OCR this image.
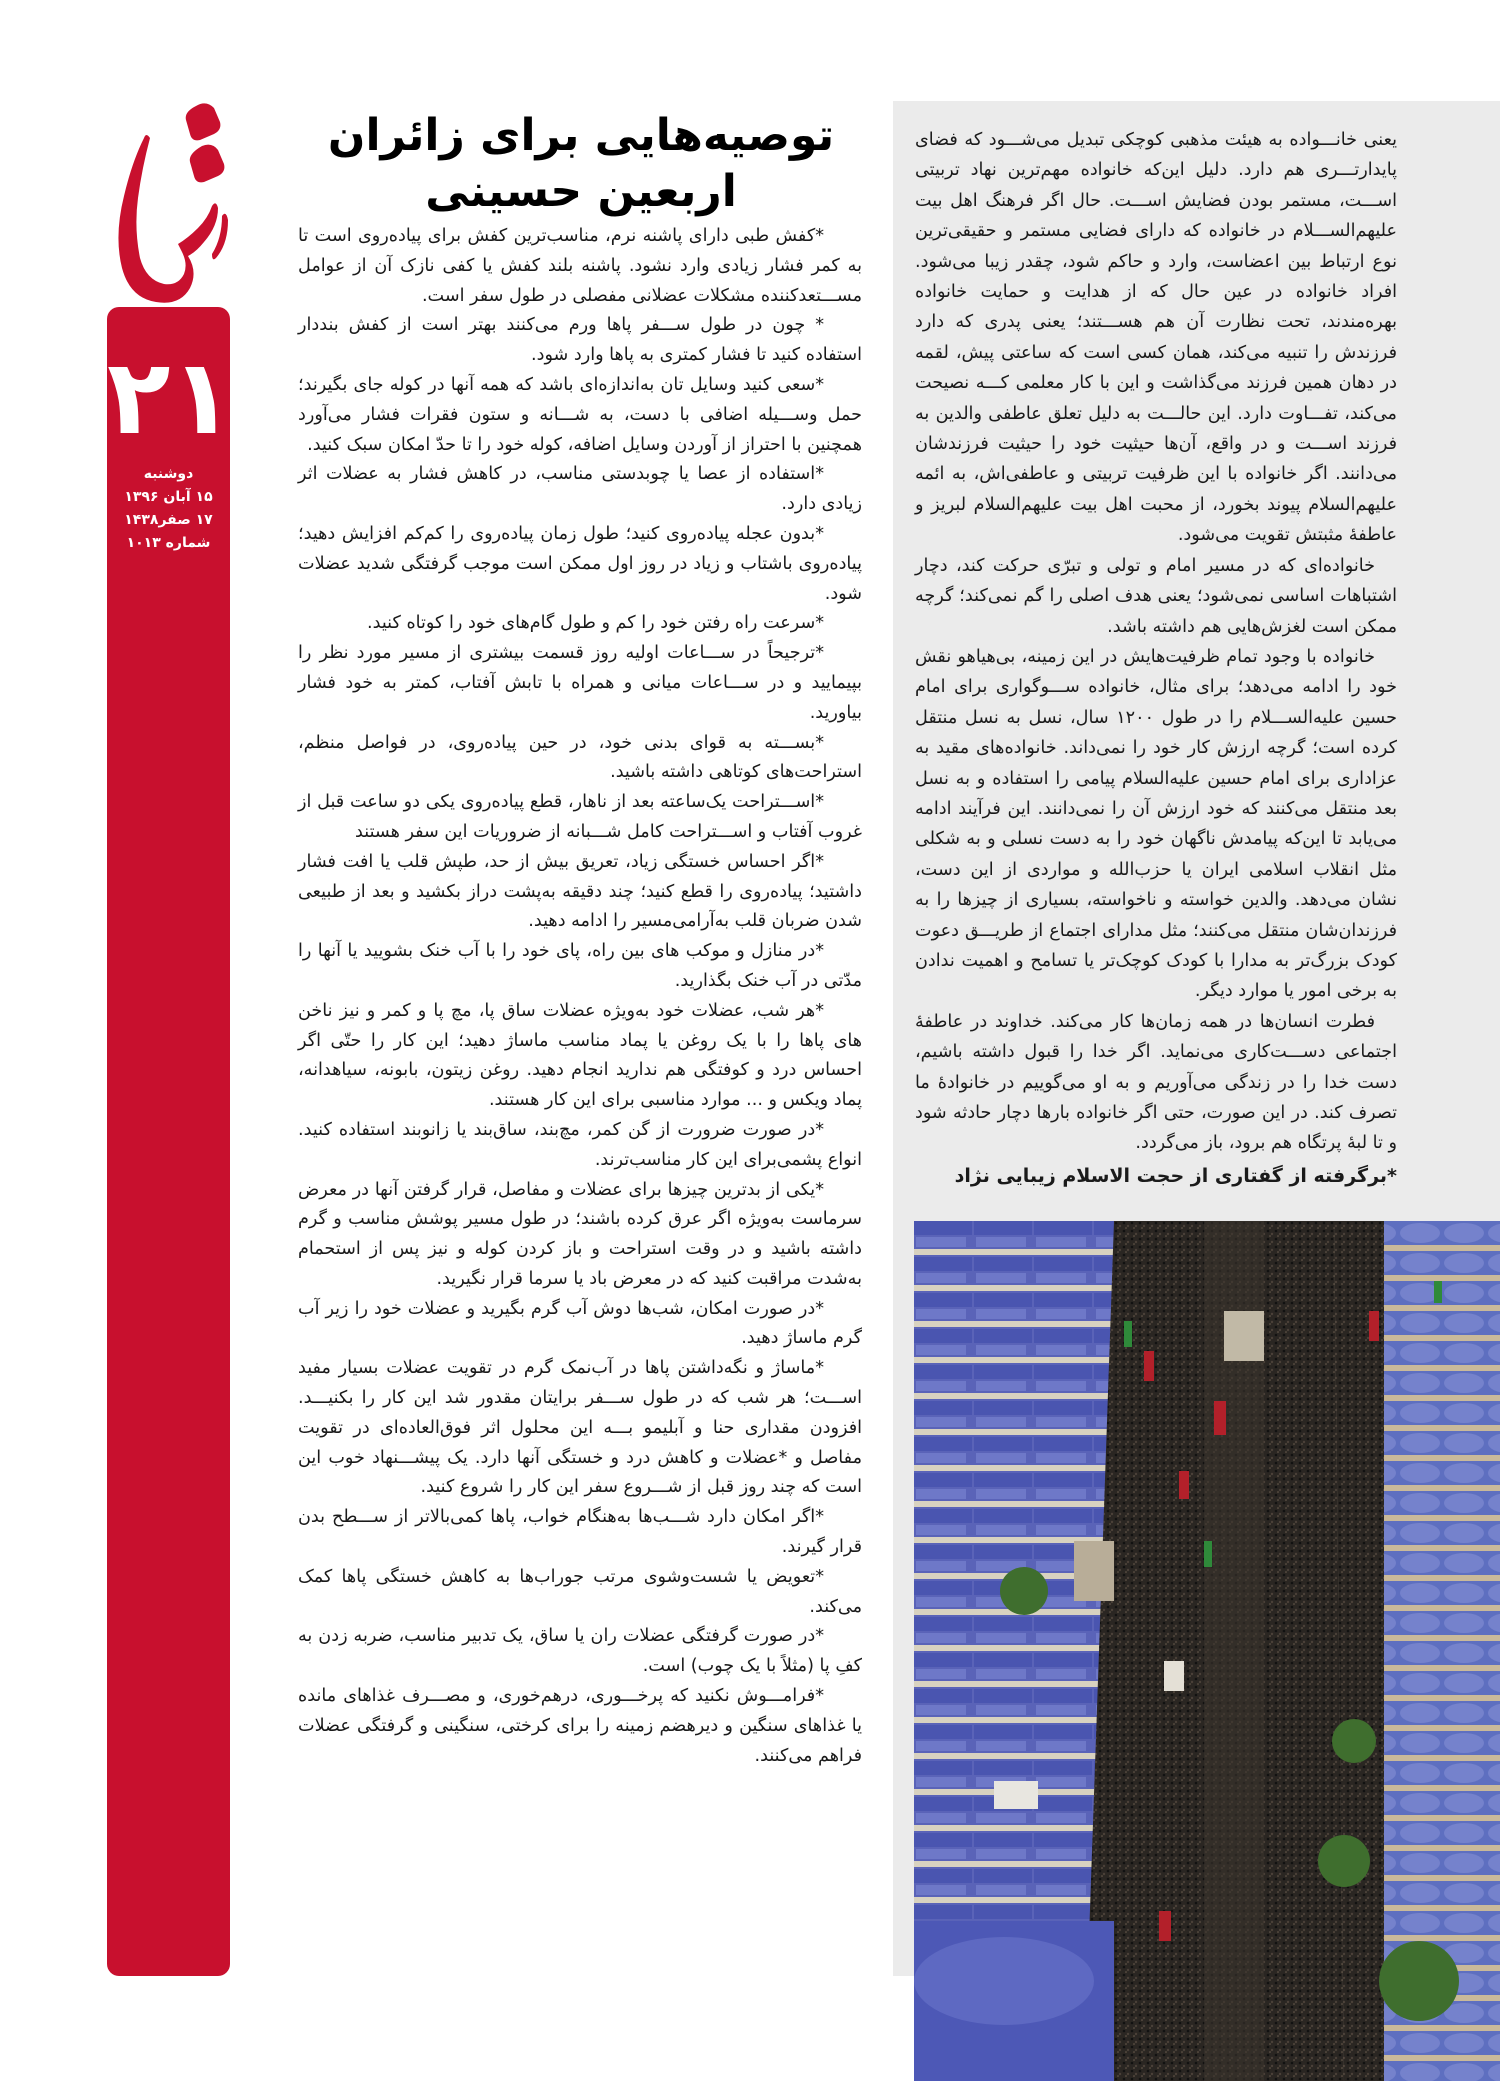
۲۱
دوشنبه
۱۵ آبان ۱۳۹۶
۱۷ صفر۱۴۳۸
شماره ۱۰۱۳
توصیه‌هایی برای زائران
اربعین حسینی

*کفش طبی دارای پاشنه نرم، مناسب‌ترین کفش برای پیاده‌روی است تا به کمر فشار زیادی وارد نشود. پاشنه بلند کفش یا کفی نازک آن از عوامل مســـتعدکننده مشکلات عضلانی مفصلی در طول سفر است.

* چون در طول ســـفر پاها ورم می‌کنند بهتر است از کفش بنددار استفاده کنید تا فشار کمتری به پاها وارد شود.

*سعی کنید وسایل تان به‌اندازه‌ای باشد که همه آنها در کوله جای بگیرند؛ حمل وســـیله اضافی با دست، به شـــانه و ستون فقرات فشار می‌آورد همچنین با احتراز از آوردن وسایل اضافه، کوله خود را تا حدّ امکان سبک کنید.

*استفاده از عصا یا چوبدستی مناسب، در کاهش فشار به عضلات اثر زیادی دارد.

*بدون عجله پیاده‌روی کنید؛ طول زمان پیاده‌روی را کم‌کم افزایش دهید؛ پیاده‌روی باشتاب و زیاد در روز اول ممکن است موجب گرفتگی شدید عضلات شود.

*سرعت راه رفتن خود را کم و طول گام‌های خود را کوتاه کنید.

*ترجیحاً در ســـاعات اولیه روز قسمت بیشتری از مسیر مورد نظر را بپیمایید و در ســـاعات میانی و همراه با تابش آفتاب، کمتر به خود فشار بیاورید.

*بســـته به قوای بدنی خود، در حین پیاده‌روی، در فواصل منظم، استراحت‌های کوتاهی داشته باشید.

*اســـتراحت یک‌ساعته بعد از ناهار، قطع پیاده‌روی یکی دو ساعت قبل از غروب آفتاب و اســـتراحت کامل شـــبانه از ضروریات این سفر هستند

*اگر احساس خستگی زیاد، تعریق بیش از حد، طپش قلب یا افت فشار داشتید؛ پیاده‌روی را قطع کنید؛ چند دقیقه به‌پشت دراز بکشید و بعد از طبیعی شدن ضربان قلب به‌آرامی‌مسیر را ادامه دهید.

*در منازل و موکب های بین راه، پای خود را با آب خنک بشویید یا آنها را مدّتی در آب خنک بگذارید.

*هر شب، عضلات خود به‌ویژه عضلات ساق پا، مچ پا و کمر و نیز ناخن های پاها را با یک روغن یا پماد مناسب ماساژ دهید؛ این کار را حتّی اگر احساس درد و کوفتگی هم ندارید انجام دهید. روغن زیتون، بابونه، سیاهدانه، پماد ویکس و ... موارد مناسبی برای این کار هستند.

*در صورت ضرورت از گن کمر، مچ‌بند، ساق‌بند یا زانوبند استفاده کنید. انواع پشمی‌برای این کار مناسب‌ترند.

*یکی از بدترین چیزها برای عضلات و مفاصل، قرار گرفتن آنها در معرض سرماست به‌ویژه اگر عرق کرده باشند؛ در طول مسیر پوشش مناسب و گرم داشته باشید و در وقت استراحت و باز کردن کوله و نیز پس از استحمام به‌شدت مراقبت کنید که در معرض باد یا سرما قرار نگیرید.

*در صورت امکان، شب‌ها دوش آب گرم بگیرید و عضلات خود را زیر آب گرم ماساژ دهید.

*ماساژ و نگه‌داشتن پاها در آب‌نمک گرم در تقویت عضلات بسیار مفید اســـت؛ هر شب که در طول ســـفر برایتان مقدور شد این کار را بکنیـــد. افزودن مقداری حنا و آبلیمو بـــه این محلول اثر فوق‌العاده‌ای در تقویت مفاصل و *عضلات و کاهش درد و خستگی آنها دارد. یک پیشـــنهاد خوب این است که چند روز قبل از شـــروع سفر این کار را شروع کنید.

*اگر امکان دارد شـــب‌ها به‌هنگام خواب، پاها کمی‌بالاتر از ســـطح بدن قرار گیرند.

*تعویض یا شست‌وشوی مرتب جوراب‌ها به کاهش خستگی پاها کمک می‌کند.

*در صورت گرفتگی عضلات ران یا ساق، یک تدبیر مناسب، ضربه زدن به کفِ پا (مثلاً با یک چوب) است.

*فرامـــوش نکنید که پرخـــوری، درهم‌خوری، و مصـــرف غذاهای مانده یا غذاهای سنگین و دیرهضم زمینه را برای کرختی، سنگینی و گرفتگی عضلات فراهم می‌کنند.

یعنی خانـــواده به هیئت مذهبی کوچکی تبدیل می‌شـــود که فضای پایدارتـــری هم دارد. دلیل این‌که خانواده مهم‌ترین نهاد تربیتی اســـت، مستمر بودن فضایش اســـت. حال اگر فرهنگ اهل بیت علیهم‌الســـلام در خانواده که دارای فضایی مستمر و حقیقی‌ترین نوع ارتباط بین اعضاست، وارد و حاکم شود، چقدر زیبا می‌شود. افراد خانواده در عین حال که از هدایت و حمایت خانواده بهره‌مندند، تحت نظارت آن هم هســـتند؛ یعنی پدری که دارد فرزندش را تنبیه می‌کند، همان کسی است که ساعتی پیش، لقمه در دهان همین فرزند می‌گذاشت و این با کار معلمی کـــه نصیحت می‌کند، تفـــاوت دارد. این حالـــت به دلیل تعلق عاطفی والدین به فرزند اســـت و در واقع، آن‌ها حیثیت خود را حیثیت فرزندشان می‌دانند. اگر خانواده با این ظرفیت تربیتی و عاطفی‌اش، به ائمه علیهم‌السلام پیوند بخورد، از محبت اهل بیت علیهم‌السلام لبریز و عاطفهٔ مثبتش تقویت می‌شود.

خانواده‌ای که در مسیر امام و تولی و تبرّی حرکت کند، دچار اشتباهات اساسی نمی‌شود؛ یعنی هدف اصلی را گم نمی‌کند؛ گرچه ممکن است لغزش‌هایی هم داشته باشد.

خانواده با وجود تمام ظرفیت‌هایش در این زمینه، بی‌هیاهو نقش خود را ادامه می‌دهد؛ برای مثال، خانواده ســـوگواری برای امام حسین علیه‌الســـلام را در طول ۱۲۰۰ سال، نسل به نسل منتقل کرده است؛ گرچه ارزش کار خود را نمی‌داند. خانواده‌های مقید به عزاداری برای امام حسین علیه‌السلام پیامی را استفاده و به نسل بعد منتقل می‌کنند که خود ارزش آن را نمی‌دانند. این فرآیند ادامه می‌یابد تا این‌که پیامدش ناگهان خود را به دست نسلی و به شکلی مثل انقلاب اسلامی ایران یا حزب‌الله و مواردی از این دست، نشان می‌دهد. والدین خواسته و ناخواسته، بسیاری از چیزها را به فرزندان‌شان منتقل می‌کنند؛ مثل مدارای اجتماع از طریـــق دعوت کودک بزرگ‌تر به مدارا با کودک کوچک‌تر یا تسامح و اهمیت ندادن به برخی امور یا موارد دیگر.

فطرت انسان‌ها در همه زمان‌ها کار می‌کند. خداوند در عاطفهٔ اجتماعی دســـت‌کاری می‌نماید. اگر خدا را قبول داشته باشیم، دست خدا را در زندگی می‌آوریم و به او می‌گوییم در خانوادهٔ ما تصرف کند. در این صورت، حتی اگر خانواده بارها دچار حادثه شود و تا لبهٔ پرتگاه هم برود، باز می‌گردد.

*برگرفته از گفتاری از حجت الاسلام زیبایی نژاد
